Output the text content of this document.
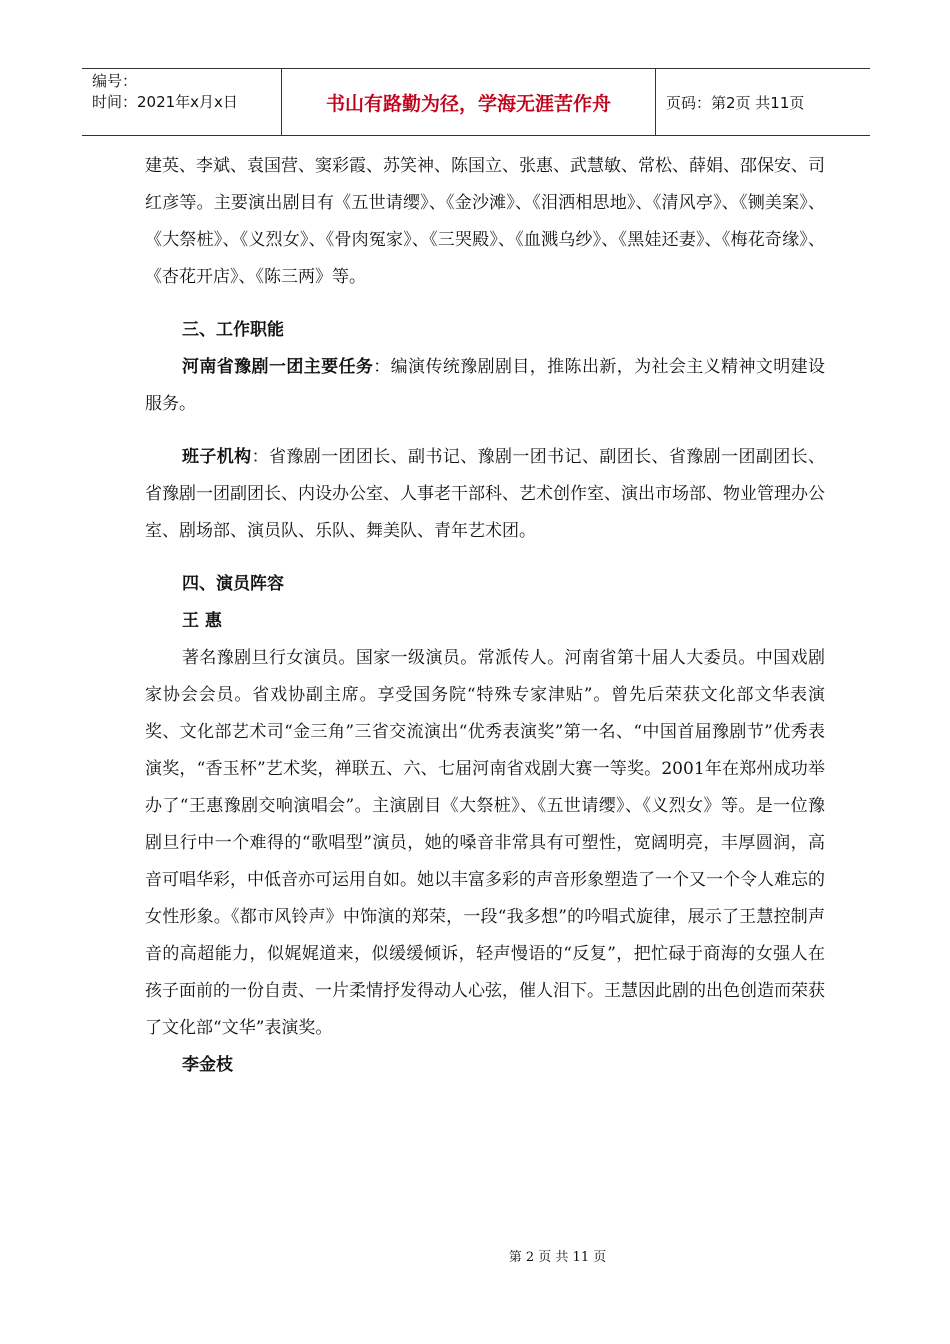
编号：
时间：2021年x月x日	书山有路勤为径，学海无涯苦作舟	页码：第2页 共11页

建英、李斌、袁国营、窦彩霞、苏笑神、陈国立、张惠、武慧敏、常松、薛娟、邵保安、司红彦等。主要演出剧目有《五世请缨》、《金沙滩》、《泪洒相思地》、《清风亭》、《铡美案》、《大祭桩》、《义烈女》、《骨肉冤家》、《三哭殿》、《血溅乌纱》、《黑娃还妻》、《梅花奇缘》、《杏花开店》、《陈三两》等。

三、工作职能

河南省豫剧一团主要任务：编演传统豫剧剧目，推陈出新，为社会主义精神文明建设服务。

班子机构：省豫剧一团团长、副书记、豫剧一团书记、副团长、省豫剧一团副团长、省豫剧一团副团长、内设办公室、人事老干部科、艺术创作室、演出市场部、物业管理办公室、剧场部、演员队、乐队、舞美队、青年艺术团。

四、演员阵容

王 惠

著名豫剧旦行女演员。国家一级演员。常派传人。河南省第十届人大委员。中国戏剧家协会会员。省戏协副主席。享受国务院“特殊专家津贴”。曾先后荣获文化部文华表演奖、文化部艺术司“金三角”三省交流演出“优秀表演奖”第一名、“中国首届豫剧节”优秀表演奖，“香玉杯”艺术奖，禅联五、六、七届河南省戏剧大赛一等奖。2001年在郑州成功举办了“王惠豫剧交响演唱会”。主演剧目《大祭桩》、《五世请缨》、《义烈女》等。是一位豫剧旦行中一个难得的“歌唱型”演员，她的嗓音非常具有可塑性，宽阔明亮，丰厚圆润，高音可唱华彩，中低音亦可运用自如。她以丰富多彩的声音形象塑造了一个又一个令人难忘的女性形象。《都市风铃声》中饰演的郑荣，一段“我多想”的吟唱式旋律，展示了王慧控制声音的高超能力，似娓娓道来，似缓缓倾诉，轻声慢语的“反复”，把忙碌于商海的女强人在孩子面前的一份自责、一片柔情抒发得动人心弦，催人泪下。王慧因此剧的出色创造而荣获了文化部“文华”表演奖。

李金枝

第 2 页 共 11 页
